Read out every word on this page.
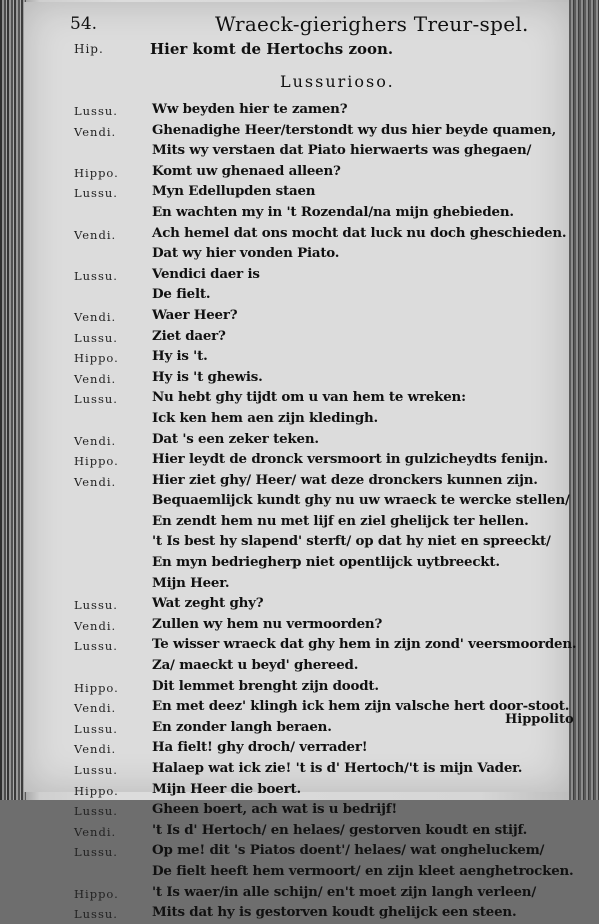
54.	Wraeck-gierighers Treur-spel.
Hip.	Hier komt de Hertochs zoon.
Lussurioso.
Lussu.	Ww beyden hier te zamen?
Vendi.	Ghenadighe Heer/terstondt wy dus hier beyde quamen,
Mits wy verstaen dat Piato hierwaerts was ghegaen/
Hippo. Komt uw ghenaed alleen?
Lussu.	Myn Edellupden staen
En wachten my in 't Rozendal/na mijn ghebieden.
Vendi.	Ach hemel dat ons mocht dat luck nu doch gheschieden.
Dat wy hier vonden Piato.
Lussu.	Vendici daer is
De fielt.
Vendi.	Waer Heer?
Lussu.	Ziet daer?
Hippo. Hy is 't.
Vendi.	Hy is 't ghewis.
Lussu.	Nu hebt ghy tijdt om u van hem te wreken:
Ick ken hem aen zijn kledingh.
Vendi.	Dat 's een zeker teken.
Hippo. Hier leydt de dronck versmoort in gulzicheydts fenijn.
Vendi.	Hier ziet ghy/ Heer/ wat deze dronckers kunnen zijn.
Bequaemlijck kundt ghy nu uw wraeck te wercke stellen/
En zendt hem nu met lijf en ziel ghelijck ter hellen.
't Is best hy slapend' sterft/ op dat hy niet en spreeckt/
En myn bedriegherp niet opentlijck uytbreeckt.
Mijn Heer.
Lussu.	Wat zeght ghy?
Vendi.	Zullen wy hem nu vermoorden?
Lussu.	Te wisser wraeck dat ghy hem in zijn zond' veersmoorden.
Za/ maeckt u beyd' ghereed.
Hippo. Dit lemmet brenght zijn doodt.
Vendi.	En met deez' klingh ick hem zijn valsche hert door-stoot.
Lussu.	En zonder langh beraen.
Vendi.	Ha fielt! ghy droch/ verrader!
Lussu.	Halaep wat ick zie! 't is d' Hertoch/'t is mijn Vader.
Hippo. Mijn Heer die boert.
Lussu.	Gheen boert, ach wat is u bedrijf!
Vendi.	't Is d' Hertoch/ en helaes/ gestorven koudt en stijf.
Lussu.	Op me! dit 's Piatos doent'/ helaes/ wat ongheluckem/
De fielt heeft hem vermoort/ en zijn kleet aenghetrocken.
Hippo. 't Is waer/in alle schijn/ en't moet zijn langh verleen/
Lussu.	Mits dat hy is gestorven koudt ghelijck een steen.
Hippolito
